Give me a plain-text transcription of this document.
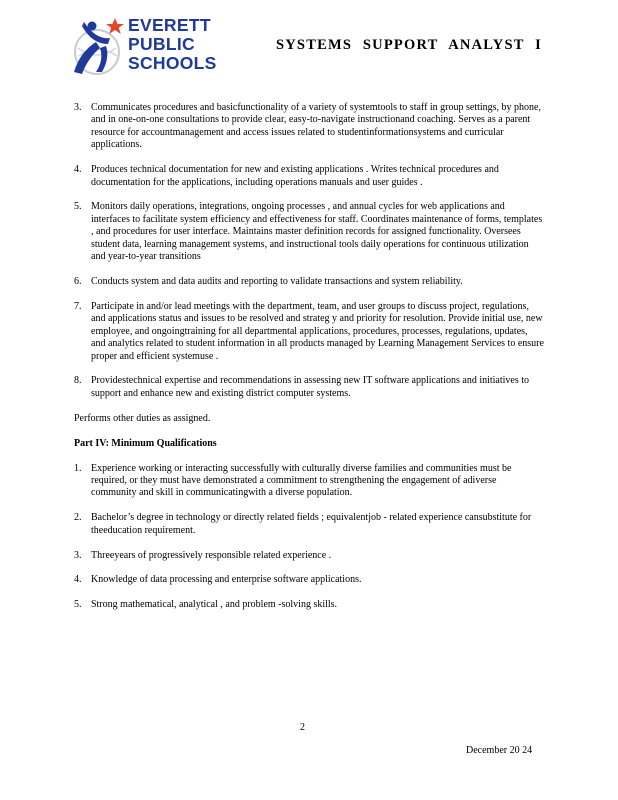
EVERETT
PUBLIC
SCHOOLS
SYSTEMS SUPPORT ANALYST I
3. Communicates procedures and basicfunctionality of a variety of systemtools to staff in group settings, by phone, and in one-on-one consultations to provide clear, easy-to-navigate instructionand coaching. Serves as a parent resource for accountmanagement and access issues related to studentinformationsystems and curricular applications.
4. Produces technical documentation for new and existing applications . Writes technical procedures and documentation for the applications, including operations manuals and user guides .
5. Monitors daily operations, integrations, ongoing processes , and annual cycles for web applications and interfaces to facilitate system efficiency and effectiveness for staff. Coordinates maintenance of forms, templates , and procedures for user interface. Maintains master definition records for assigned functionality. Oversees student data, learning management systems, and instructional tools daily operations for continuous utilization and year-to-year transitions
6. Conducts system and data audits and reporting to validate transactions and system reliability.
7. Participate in and/or lead meetings with the department, team, and user groups to discuss project, regulations, and applications status and issues to be resolved and strateg y and priority for resolution. Provide initial use, new employee, and ongoingtraining for all departmental applications, procedures, processes, regulations, updates, and analytics related to student information in all products managed by Learning Management Services to ensure proper and efficient systemuse .
8. Providestechnical expertise and recommendations in assessing new IT software applications and initiatives to support and enhance new and existing district computer systems.

Performs other duties as assigned.

Part IV: Minimum Qualifications

1. Experience working or interacting successfully with culturally diverse families and communities must be required, or they must have demonstrated a commitment to strengthening the engagement of adiverse community and skill in communicatingwith a diverse population.
2. Bachelor’s degree in technology or directly related fields ; equivalentjob - related experience cansubstitute for theeducation requirement.
3. Threeyears of progressively responsible related experience .
4. Knowledge of data processing and enterprise software applications.
5. Strong mathematical, analytical , and problem -solving skills.
2
December 20 24
